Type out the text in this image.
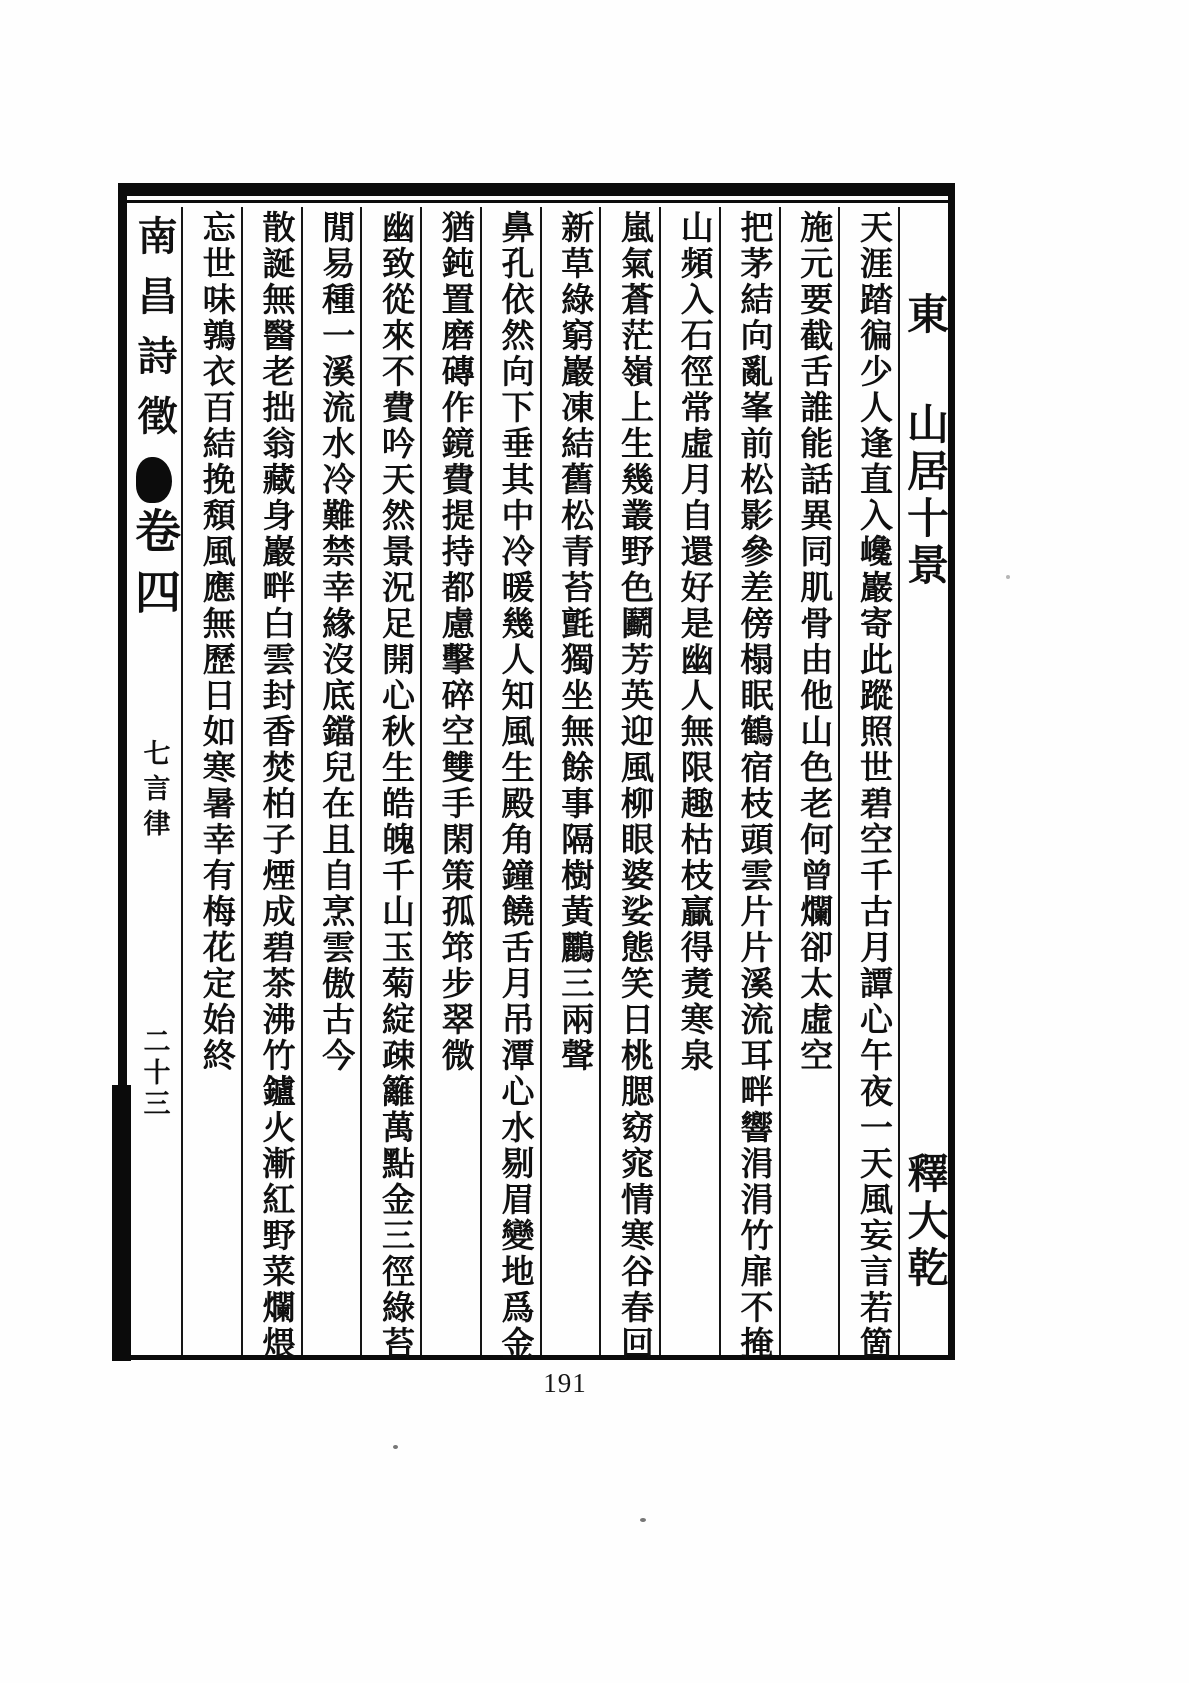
東
山居十景
釋大乾
天涯踏徧少人逢直入巉巖寄此蹤照世碧空千古月譚心午夜一天風妄言若箇
施元要截舌誰能話異同肌骨由他山色老何曾爛卻太虛空
把茅結向亂峯前松影參差傍榻眠鶴宿枝頭雲片片溪流耳畔響涓涓竹扉不掩
山頻入石徑常虛月自還好是幽人無限趣枯枝贏得煑寒泉
嵐氣蒼茫嶺上生幾叢野色鬬芳英迎風柳眼婆娑態笑日桃腮窈窕情寒谷春回
新草綠窮巖凍結舊松青苔氈獨坐無餘事隔樹黃鸝三兩聲
鼻孔依然向下垂其中冷暖幾人知風生殿角鐘饒舌月吊潭心水剔眉變地爲金
猶鈍置磨磚作鏡費提持都慮擊碎空雙手閑策孤筇步翠微
幽致從來不費吟天然景況足開心秋生皓魄千山玉菊綻疎籬萬點金三徑綠苔
閒易種一溪流水冷難禁幸緣沒底鐺兒在且自烹雲傲古今
散誕無醫老拙翁藏身巖畔白雲封香焚柏子煙成碧茶沸竹鑪火漸紅野菜爛煨
忘世味鶉衣百結挽頽風應無歷日如寒暑幸有梅花定始終
南昌詩徵
卷四
七言律
二十三
191
